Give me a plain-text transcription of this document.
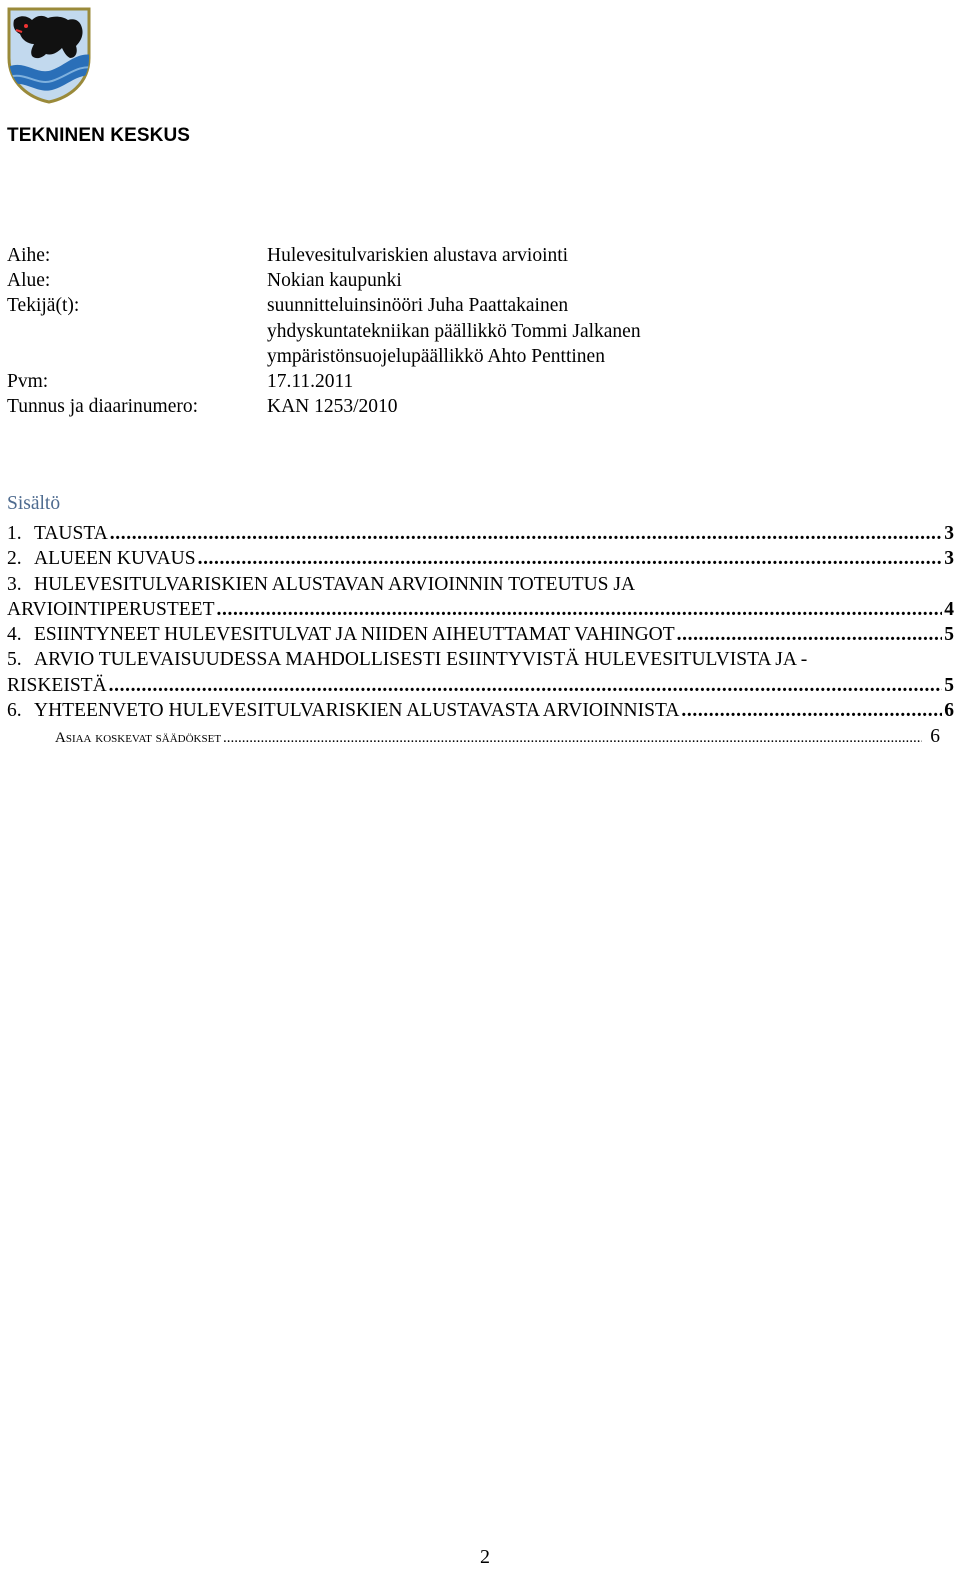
TEKNINEN KESKUS
Aihe:	Hulevesitulvariskien alustava arviointi
Alue:	Nokian kaupunki
Tekijä(t):	suunnitteluinsinööri Juha Paattakainen
yhdyskuntatekniikan päällikkö Tommi Jalkanen
ympäristönsuojelupäällikkö Ahto Penttinen
Pvm:	17.11.2011
Tunnus ja diaarinumero:	KAN 1253/2010
Sisältö
1. TAUSTA .....	3
2. ALUEEN KUVAUS .....	3
3. HULEVESITULVARISKIEN ALUSTAVAN ARVIOINNIN TOTEUTUS JA
ARVIOINTIPERUSTEET .....	4
4. ESIINTYNEET HULEVESITULVAT JA NIIDEN AIHEUTTAMAT VAHINGOT .....	5
5. ARVIO TULEVAISUUDESSA MAHDOLLISESTI ESIINTYVISTÄ HULEVESITULVISTA JA -
RISKEISTÄ .....	5
6. YHTEENVETO HULEVESITULVARISKIEN ALUSTAVASTA ARVIOINNISTA .....	6
Asiaa koskevat säädökset .....	6
2
